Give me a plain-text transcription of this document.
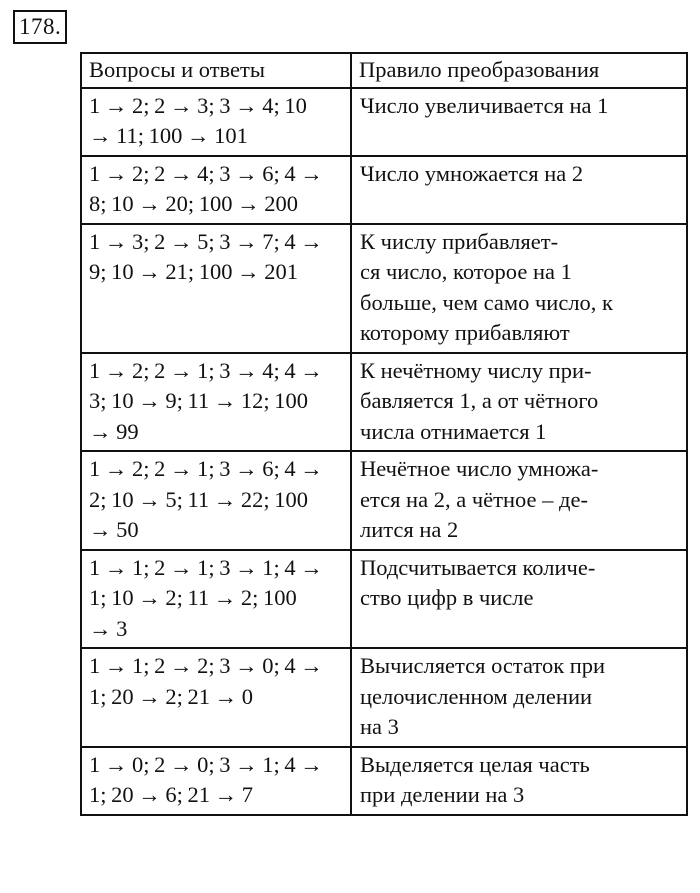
178.
Вопросы и ответы	Правило преобразования

1 → 2; 2 → 3; 3 → 4; 10
→ 11; 100 → 101	Число увеличивается на 1

1 → 2; 2 → 4; 3 → 6; 4 →
8; 10 → 20; 100 → 200	Число умножается на 2

1 → 3; 2 → 5; 3 → 7; 4 →
9; 10 → 21; 100 → 201	К числу прибавляет-
ся число, которое на 1
больше, чем само число, к
которому прибавляют

1 → 2; 2 → 1; 3 → 4; 4 →
3; 10 → 9; 11 → 12; 100
→ 99	К нечётному числу при-
бавляется 1, а от чётного
числа отнимается 1

1 → 2; 2 → 1; 3 → 6; 4 →
2; 10 → 5; 11 → 22; 100
→ 50	Нечётное число умножа-
ется на 2, а чётное – де-
лится на 2

1 → 1; 2 → 1; 3 → 1; 4 →
1; 10 → 2; 11 → 2; 100
→ 3	Подсчитывается количе-
ство цифр в числе

1 → 1; 2 → 2; 3 → 0; 4 →
1; 20 → 2; 21 → 0	Вычисляется остаток при
целочисленном делении
на 3

1 → 0; 2 → 0; 3 → 1; 4 →
1; 20 → 6; 21 → 7	Выделяется целая часть
при делении на 3
